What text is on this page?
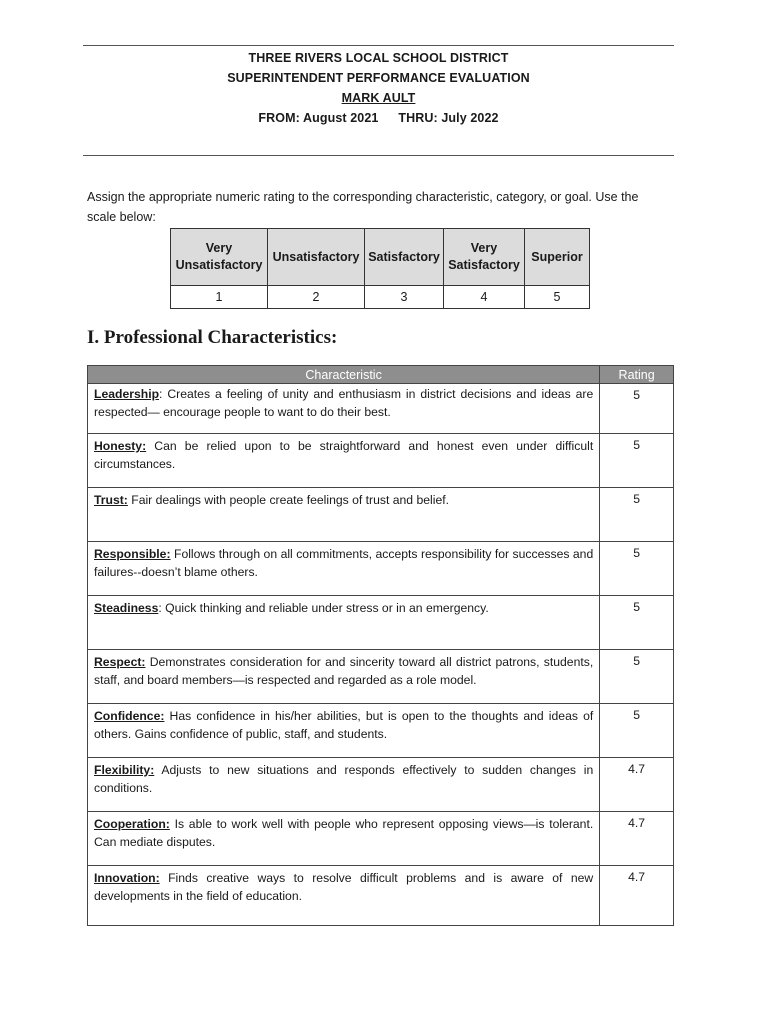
THREE RIVERS LOCAL SCHOOL DISTRICT
SUPERINTENDENT PERFORMANCE EVALUATION
MARK AULT
FROM: August 2021 THRU: July 2022
Assign the appropriate numeric rating to the corresponding characteristic, category, or goal. Use the scale below:
Very Unsatisfactory	Unsatisfactory	Satisfactory	Very Satisfactory	Superior
1	2	3	4	5
I. Professional Characteristics:
Characteristic	Rating
Leadership: Creates a feeling of unity and enthusiasm in district decisions and ideas are respected— encourage people to want to do their best.	5
Honesty: Can be relied upon to be straightforward and honest even under difficult circumstances.	5
Trust: Fair dealings with people create feelings of trust and belief.	5
Responsible: Follows through on all commitments, accepts responsibility for successes and failures--doesn’t blame others.	5
Steadiness: Quick thinking and reliable under stress or in an emergency.	5
Respect: Demonstrates consideration for and sincerity toward all district patrons, students, staff, and board members—is respected and regarded as a role model.	5
Confidence: Has confidence in his/her abilities, but is open to the thoughts and ideas of others. Gains confidence of public, staff, and students.	5
Flexibility: Adjusts to new situations and responds effectively to sudden changes in conditions.	4.7
Cooperation: Is able to work well with people who represent opposing views—is tolerant. Can mediate disputes.	4.7
Innovation: Finds creative ways to resolve difficult problems and is aware of new developments in the field of education.	4.7
